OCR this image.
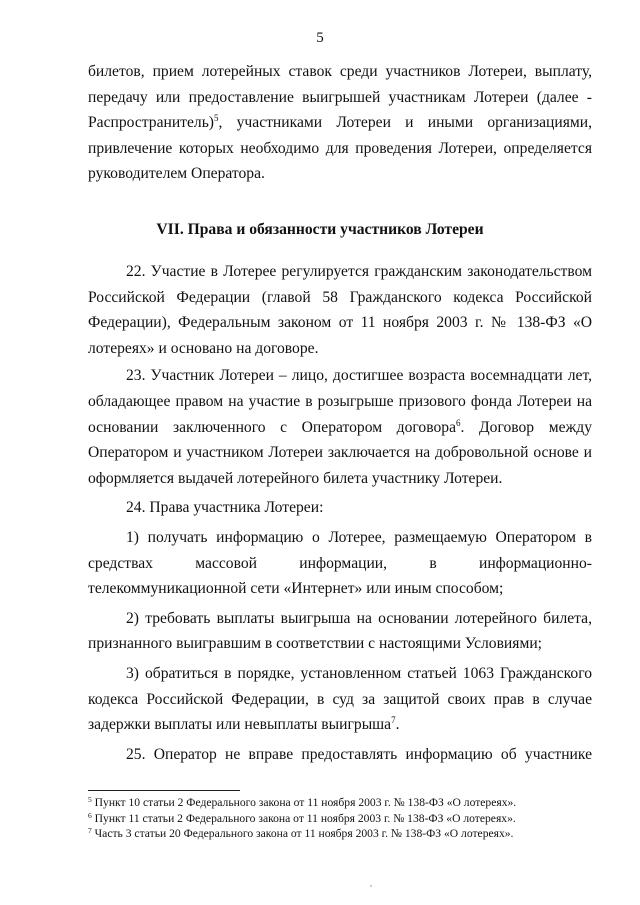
5

билетов, прием лотерейных ставок среди участников Лотереи, выплату, передачу или предоставление выигрышей участникам Лотереи (далее - Распространитель)$^5$, участниками Лотереи и иными организациями, привлечение которых необходимо для проведения Лотереи, определяется руководителем Оператора.

VII. Права и обязанности участников Лотереи

22. Участие в Лотерее регулируется гражданским законодательством Российской Федерации (главой 58 Гражданского кодекса Российской Федерации), Федеральным законом от 11 ноября 2003 г. № 138-ФЗ «О лотереях» и основано на договоре.

23. Участник Лотереи – лицо, достигшее возраста восемнадцати лет, обладающее правом на участие в розыгрыше призового фонда Лотереи на основании заключенного с Оператором договора$^6$. Договор между Оператором и участником Лотереи заключается на добровольной основе и оформляется выдачей лотерейного билета участнику Лотереи.

24. Права участника Лотереи:

1) получать информацию о Лотерее, размещаемую Оператором в средствах массовой информации, в информационно-телекоммуникационной сети «Интернет» или иным способом;

2) требовать выплаты выигрыша на основании лотерейного билета, признанного выигравшим в соответствии с настоящими Условиями;

3) обратиться в порядке, установленном статьей 1063 Гражданского кодекса Российской Федерации, в суд за защитой своих прав в случае задержки выплаты или невыплаты выигрыша$^7$.

25. Оператор не вправе предоставлять информацию об участнике

$^5$ Пункт 10 статьи 2 Федерального закона от 11 ноября 2003 г. № 138-ФЗ «О лотереях».

$^6$ Пункт 11 статьи 2 Федерального закона от 11 ноября 2003 г. № 138-ФЗ «О лотереях».

$^7$ Часть 3 статьи 20 Федерального закона от 11 ноября 2003 г. № 138-ФЗ «О лотереях».
